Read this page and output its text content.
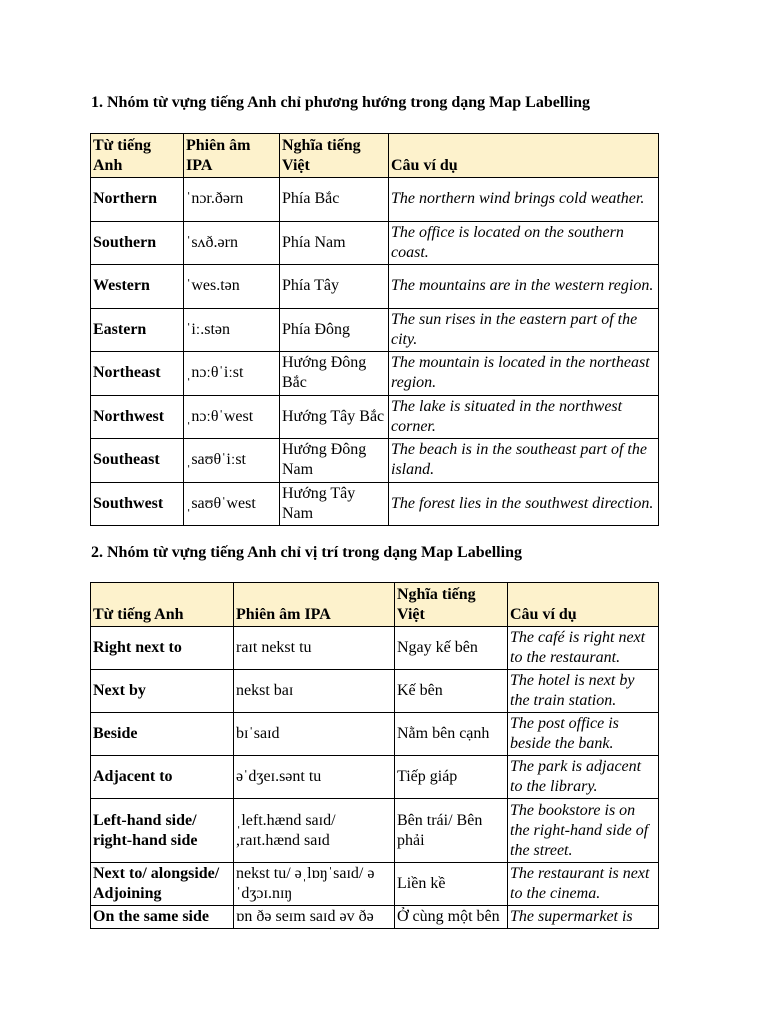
1. Nhóm từ vựng tiếng Anh chỉ phương hướng trong dạng Map Labelling
Từ tiếng Anh	Phiên âm IPA	Nghĩa tiếng Việt	Câu ví dụ
Northern	ˈnɔr.ðərn	Phía Bắc	The northern wind brings cold weather.
Southern	ˈsʌð.ərn	Phía Nam	The office is located on the southern coast.
Western	ˈwes.tən	Phía Tây	The mountains are in the western region.
Eastern	ˈiː.stən	Phía Đông	The sun rises in the eastern part of the city.
Northeast	ˌnɔːθˈiːst	Hướng Đông Bắc	The mountain is located in the northeast region.
Northwest	ˌnɔːθˈwest	Hướng Tây Bắc	The lake is situated in the northwest corner.
Southeast	ˌsaʊθˈiːst	Hướng Đông Nam	The beach is in the southeast part of the island.
Southwest	ˌsaʊθˈwest	Hướng Tây Nam	The forest lies in the southwest direction.
2. Nhóm từ vựng tiếng Anh chỉ vị trí trong dạng Map Labelling
Từ tiếng Anh	Phiên âm IPA	Nghĩa tiếng Việt	Câu ví dụ
Right next to	raɪt nekst tu	Ngay kế bên	The café is right next to the restaurant.
Next by	nekst baɪ	Kế bên	The hotel is next by the train station.
Beside	bɪˈsaɪd	Nằm bên cạnh	The post office is beside the bank.
Adjacent to	əˈdʒeɪ.sənt tu	Tiếp giáp	The park is adjacent to the library.
Left-hand side/ right-hand side	ˌleft.hænd saɪd/ ,raɪt.hænd saɪd	Bên trái/ Bên phải	The bookstore is on the right-hand side of the street.
Next to/ alongside/ Adjoining	nekst tu/ əˌlɒŋˈsaɪd/ əˈdʒɔɪ.nɪŋ	Liền kề	The restaurant is next to the cinema.
On the same side	ɒn ðə seɪm saɪd əv ðə	Ở cùng một bên	The supermarket is
